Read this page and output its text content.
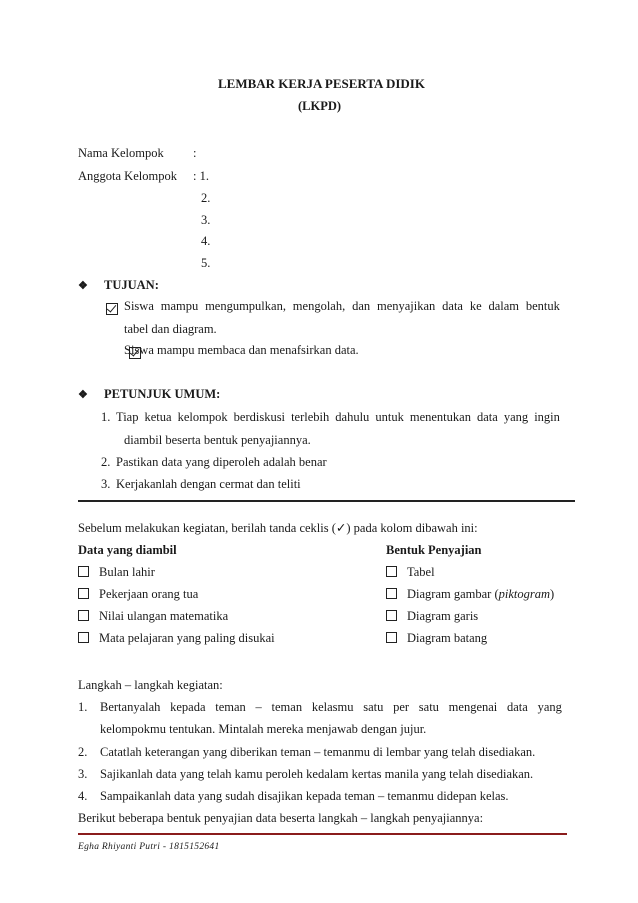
LEMBAR KERJA PESERTA DIDIK
(LKPD)
Nama Kelompok :
Anggota Kelompok : 1.
2.
3.
4.
5.
❖ TUJUAN:

Siswa mampu mengumpulkan, mengolah, dan menyajikan data ke dalam bentuk
tabel dan diagram.
Siswa mampu membaca dan menafsirkan data.
❖ PETUNJUK UMUM:
1. Tiap ketua kelompok berdiskusi terlebih dahulu untuk menentukan data yang ingin
diambil beserta bentuk penyajiannya.
2. Pastikan data yang diperoleh adalah benar
3. Kerjakanlah dengan cermat dan teliti
Sebelum melakukan kegiatan, berilah tanda ceklis (✓) pada kolom dibawah ini:
Data yang diambil	Bentuk Penyajian
Bulan lahir
Pekerjaan orang tua
Nilai ulangan matematika
Mata pelajaran yang paling disukai
Tabel
Diagram gambar (piktogram)
Diagram garis
Diagram batang
Langkah – langkah kegiatan:
1. Bertanyalah kepada teman – teman kelasmu satu per satu mengenai data yang
kelompokmu tentukan. Mintalah mereka menjawab dengan jujur.
2. Catatlah keterangan yang diberikan teman – temanmu di lembar yang telah disediakan.
3. Sajikanlah data yang telah kamu peroleh kedalam kertas manila yang telah disediakan.
4. Sampaikanlah data yang sudah disajikan kepada teman – temanmu didepan kelas.
Berikut beberapa bentuk penyajian data beserta langkah – langkah penyajiannya:
Egha Rhiyanti Putri - 1815152641
